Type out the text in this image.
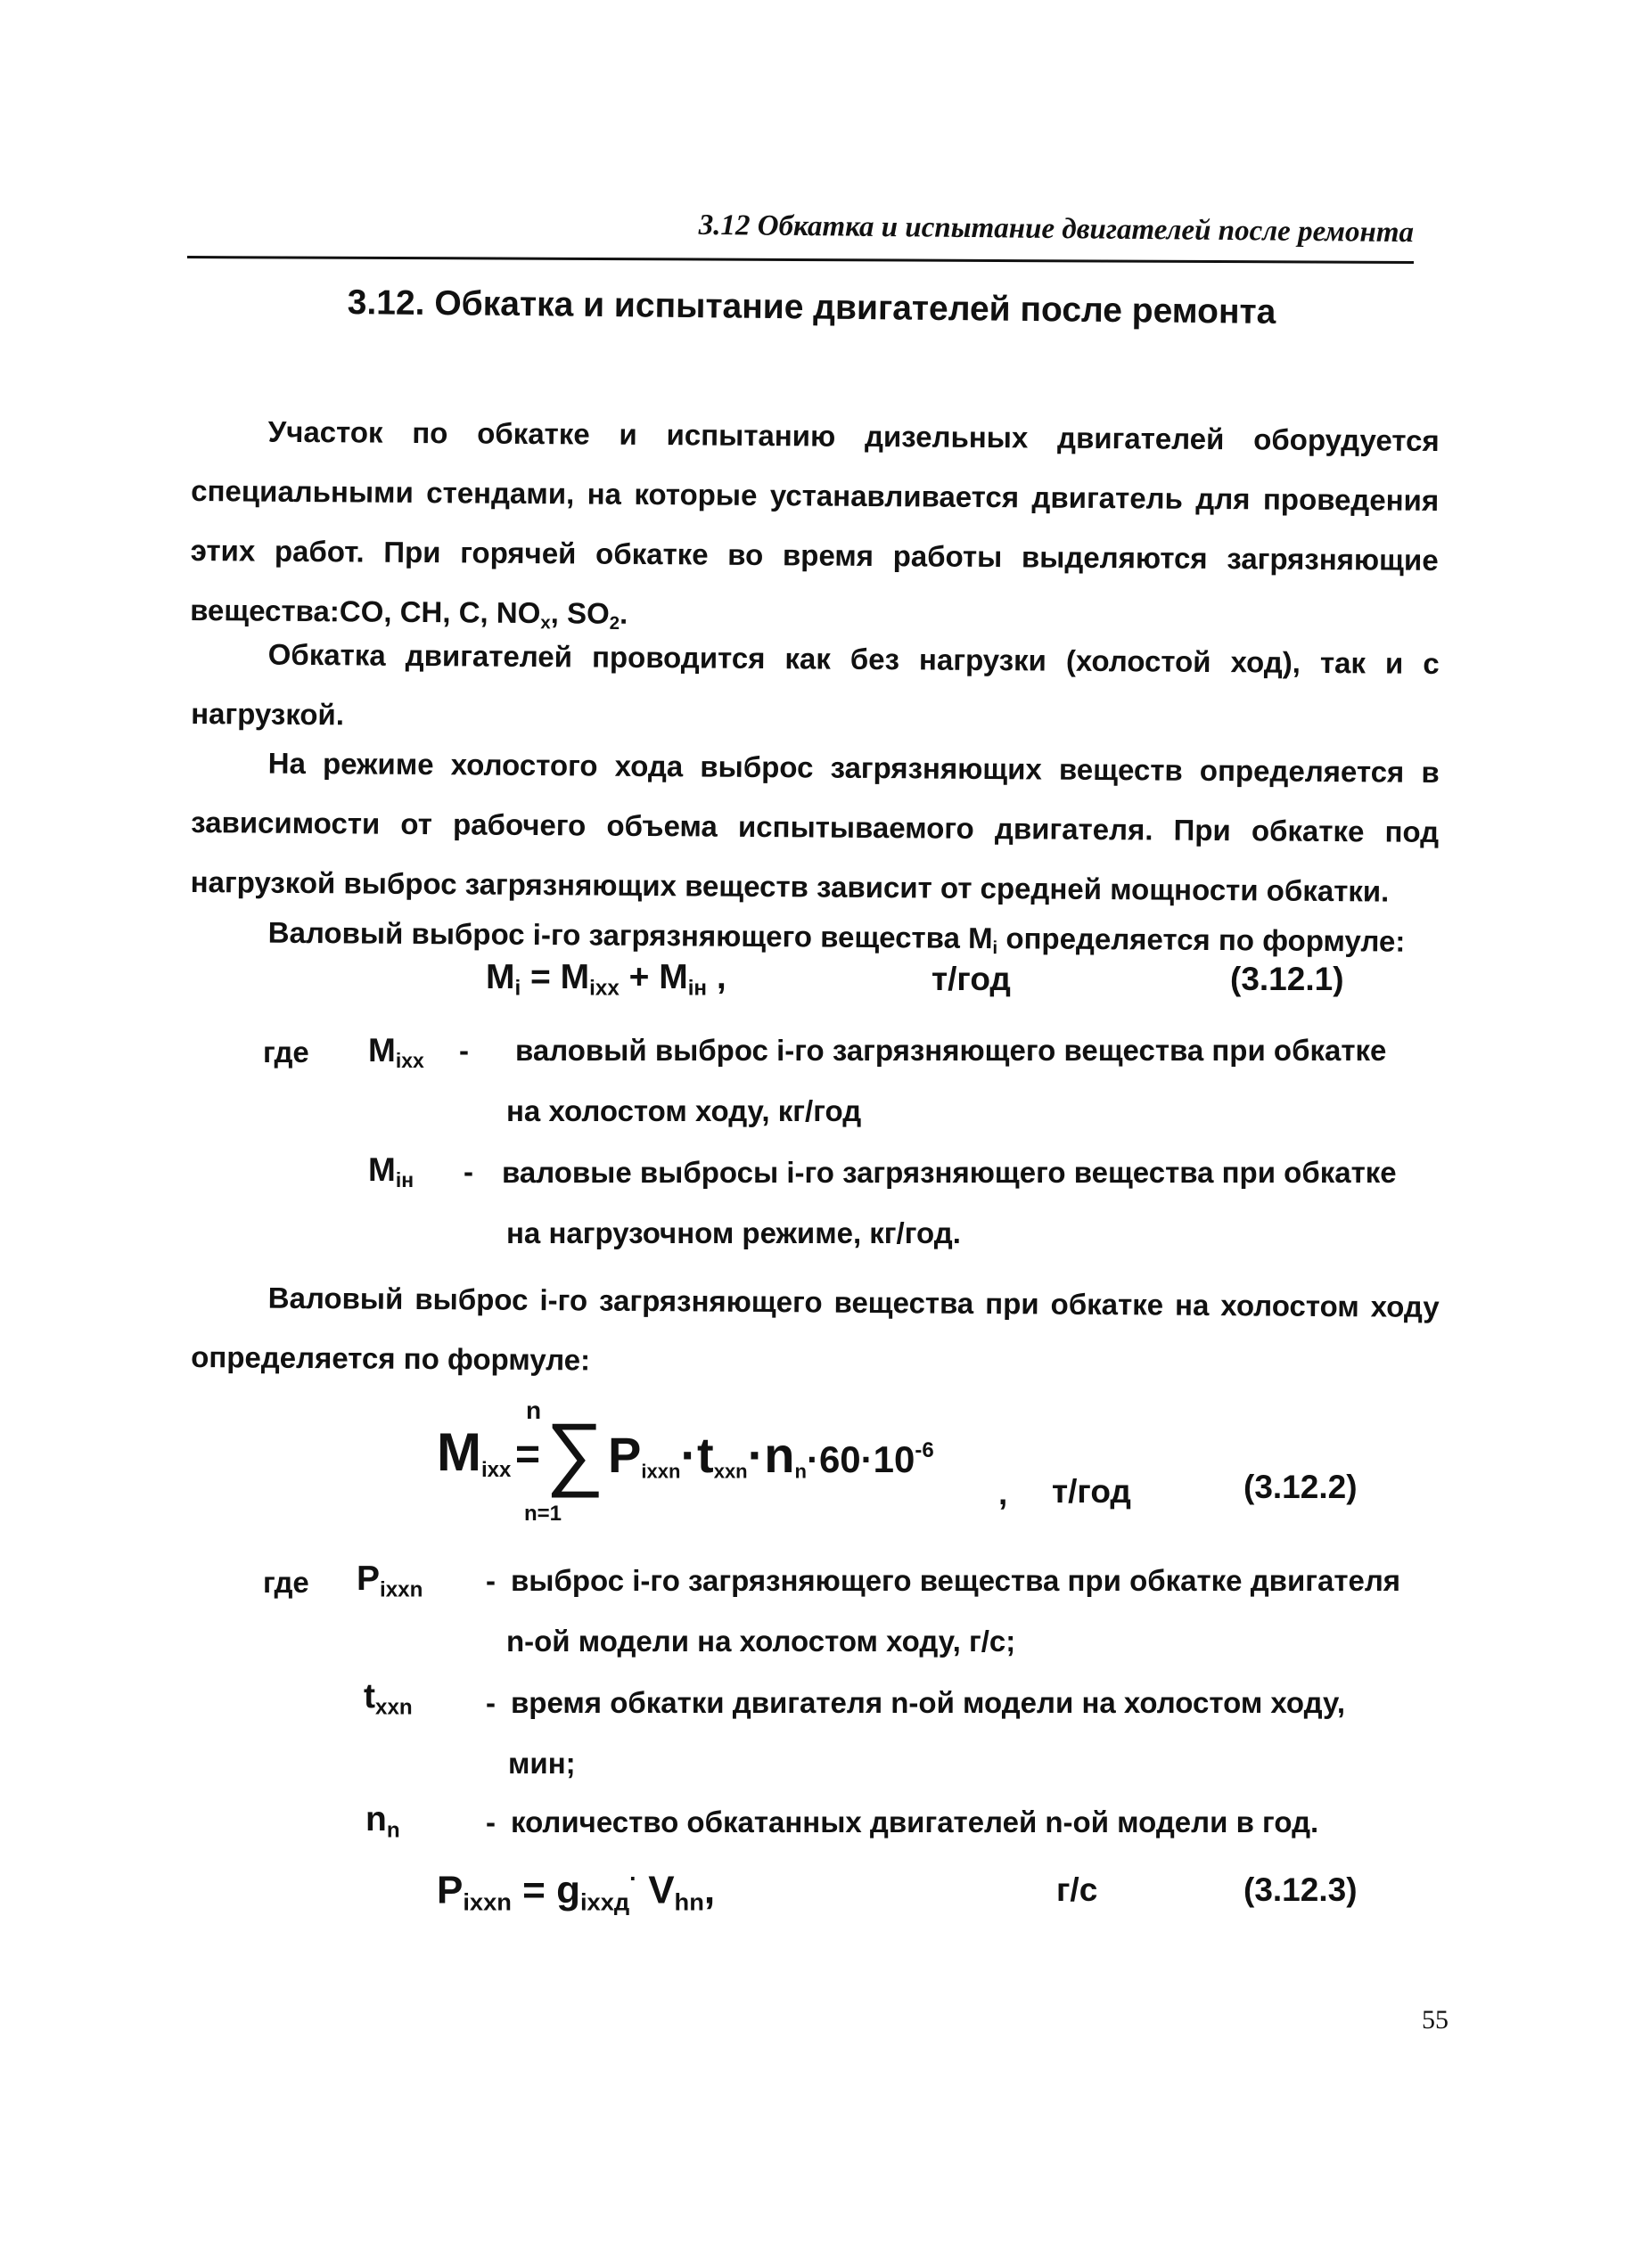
3.12 Обкатка и испытание двигателей после ремонта
3.12. Обкатка и испытание двигателей после ремонта
Участок по обкатке и испытанию дизельных двигателей оборудуется специальными стендами, на которые устанавливается двигатель для проведения этих работ. При горячей обкатке во время работы выделяются загрязняющие вещества:CO, CH, C, $NO_x$, $SO_2$.
Обкатка двигателей проводится как без нагрузки (холостой ход), так и с нагрузкой.
На режиме холостого хода выброс загрязняющих веществ определяется в зависимости от рабочего объема испытываемого двигателя. При обкатке под нагрузкой выброс загрязняющих веществ зависит от средней мощности обкатки.
Валовый выброс i-го загрязняющего вещества $M_i$ определяется по формуле:
$M_i = M_{ixx} + M_{iн}$ ,	т/год	(3.12.1)
где $M_{ixx}$ - валовый выброс i-го загрязняющего вещества при обкатке
на холостом ходу, кг/год
$M_{iн}$ - валовые выбросы i-го загрязняющего вещества при обкатке
на нагрузочном режиме, кг/год.
Валовый выброс i-го загрязняющего вещества при обкатке на холостом ходу определяется по формуле:
$M_{ixx}$ =
n ∑
n=1
$P_{ixxn}\cdot t_{xxn}\cdot n_n\cdot 60\cdot 10^{-6}$
, т/год	(3.12.2)
где $P_{ixxn}$ - выброс i-го загрязняющего вещества при обкатке двигателя
n-ой модели на холостом ходу, г/с;
$t_{xxn}$ - время обкатки двигателя n-ой модели на холостом ходу,
мин;
$n_n$	- количество обкатанных двигателей n-ой модели в год.
$P_{ixxn} = g_{ixxд}^\cdot$ $V_{hn}$,	г/с	(3.12.3)
55
